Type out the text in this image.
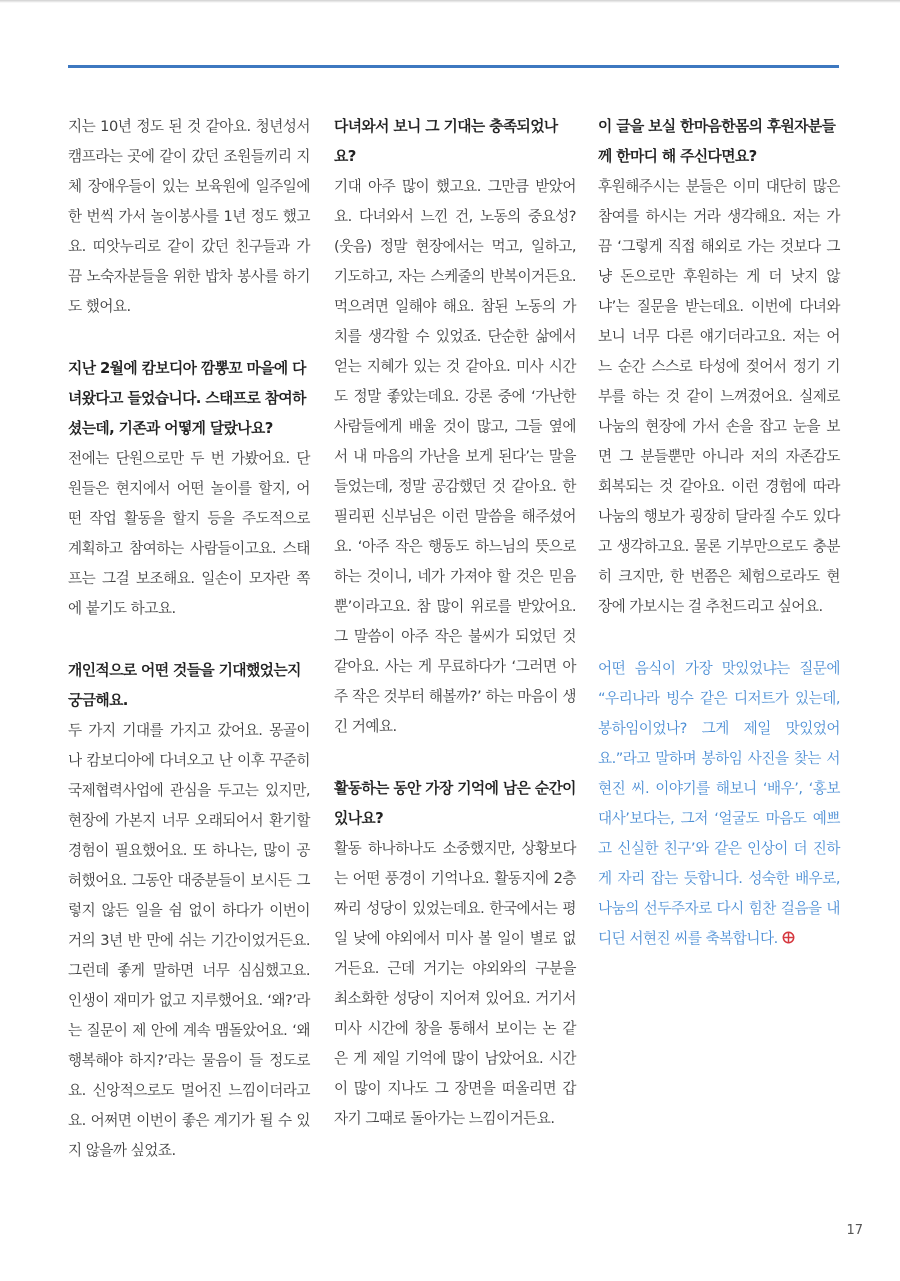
지는 10년 정도 된 것 같아요. 청년성서캠프라는 곳에 같이 갔던 조원들끼리 지체 장애우들이 있는 보육원에 일주일에 한 번씩 가서 놀이봉사를 1년 정도 했고요. 띠앗누리로 같이 갔던 친구들과 가끔 노숙자분들을 위한 밥차 봉사를 하기도 했어요.

지난 2월에 캄보디아 깜뽕꼬 마을에 다녀왔다고 들었습니다. 스태프로 참여하셨는데, 기존과 어떻게 달랐나요?

전에는 단원으로만 두 번 가봤어요. 단원들은 현지에서 어떤 놀이를 할지, 어떤 작업 활동을 할지 등을 주도적으로 계획하고 참여하는 사람들이고요. 스태프는 그걸 보조해요. 일손이 모자란 쪽에 붙기도 하고요.

개인적으로 어떤 것들을 기대했었는지 궁금해요.

두 가지 기대를 가지고 갔어요. 몽골이나 캄보디아에 다녀오고 난 이후 꾸준히 국제협력사업에 관심을 두고는 있지만, 현장에 가본지 너무 오래되어서 환기할 경험이 필요했어요. 또 하나는, 많이 공허했어요. 그동안 대중분들이 보시든 그렇지 않든 일을 쉼 없이 하다가 이번이 거의 3년 반 만에 쉬는 기간이었거든요. 그런데 좋게 말하면 너무 심심했고요. 인생이 재미가 없고 지루했어요. ‘왜?’라는 질문이 제 안에 계속 맴돌았어요. ‘왜 행복해야 하지?’라는 물음이 들 정도로요. 신앙적으로도 멀어진 느낌이더라고요. 어쩌면 이번이 좋은 계기가 될 수 있지 않을까 싶었죠.

다녀와서 보니 그 기대는 충족되었나요?

기대 아주 많이 했고요. 그만큼 받았어요. 다녀와서 느낀 건, 노동의 중요성? (웃음) 정말 현장에서는 먹고, 일하고, 기도하고, 자는 스케줄의 반복이거든요. 먹으려면 일해야 해요. 참된 노동의 가치를 생각할 수 있었죠. 단순한 삶에서 얻는 지혜가 있는 것 같아요. 미사 시간도 정말 좋았는데요. 강론 중에 ‘가난한 사람들에게 배울 것이 많고, 그들 옆에서 내 마음의 가난을 보게 된다’는 말을 들었는데, 정말 공감했던 것 같아요. 한 필리핀 신부님은 이런 말씀을 해주셨어요. ‘아주 작은 행동도 하느님의 뜻으로 하는 것이니, 네가 가져야 할 것은 믿음뿐’이라고요. 참 많이 위로를 받았어요. 그 말씀이 아주 작은 불씨가 되었던 것 같아요. 사는 게 무료하다가 ‘그러면 아주 작은 것부터 해볼까?’ 하는 마음이 생긴 거예요.

활동하는 동안 가장 기억에 남은 순간이 있나요?

활동 하나하나도 소중했지만, 상황보다는 어떤 풍경이 기억나요. 활동지에 2층짜리 성당이 있었는데요. 한국에서는 평일 낮에 야외에서 미사 볼 일이 별로 없거든요. 근데 거기는 야외와의 구분을 최소화한 성당이 지어져 있어요. 거기서 미사 시간에 창을 통해서 보이는 논 같은 게 제일 기억에 많이 남았어요. 시간이 많이 지나도 그 장면을 떠올리면 갑자기 그때로 돌아가는 느낌이거든요.

이 글을 보실 한마음한몸의 후원자분들께 한마디 해 주신다면요?

후원해주시는 분들은 이미 대단히 많은 참여를 하시는 거라 생각해요. 저는 가끔 ‘그렇게 직접 해외로 가는 것보다 그냥 돈으로만 후원하는 게 더 낫지 않냐’는 질문을 받는데요. 이번에 다녀와 보니 너무 다른 얘기더라고요. 저는 어느 순간 스스로 타성에 젖어서 정기 기부를 하는 것 같이 느껴졌어요. 실제로 나눔의 현장에 가서 손을 잡고 눈을 보면 그 분들뿐만 아니라 저의 자존감도 회복되는 것 같아요. 이런 경험에 따라 나눔의 행보가 굉장히 달라질 수도 있다고 생각하고요. 물론 기부만으로도 충분히 크지만, 한 번쯤은 체험으로라도 현장에 가보시는 걸 추천드리고 싶어요.

어떤 음식이 가장 맛있었냐는 질문에 “우리나라 빙수 같은 디저트가 있는데, 봉하임이었나? 그게 제일 맛있었어요.”라고 말하며 봉하임 사진을 찾는 서현진 씨. 이야기를 해보니 ‘배우’, ‘홍보대사’보다는, 그저 ‘얼굴도 마음도 예쁘고 신실한 친구’와 같은 인상이 더 진하게 자리 잡는 듯합니다. 성숙한 배우로, 나눔의 선두주자로 다시 힘찬 걸음을 내디딘 서현진 씨를 축복합니다.

17
